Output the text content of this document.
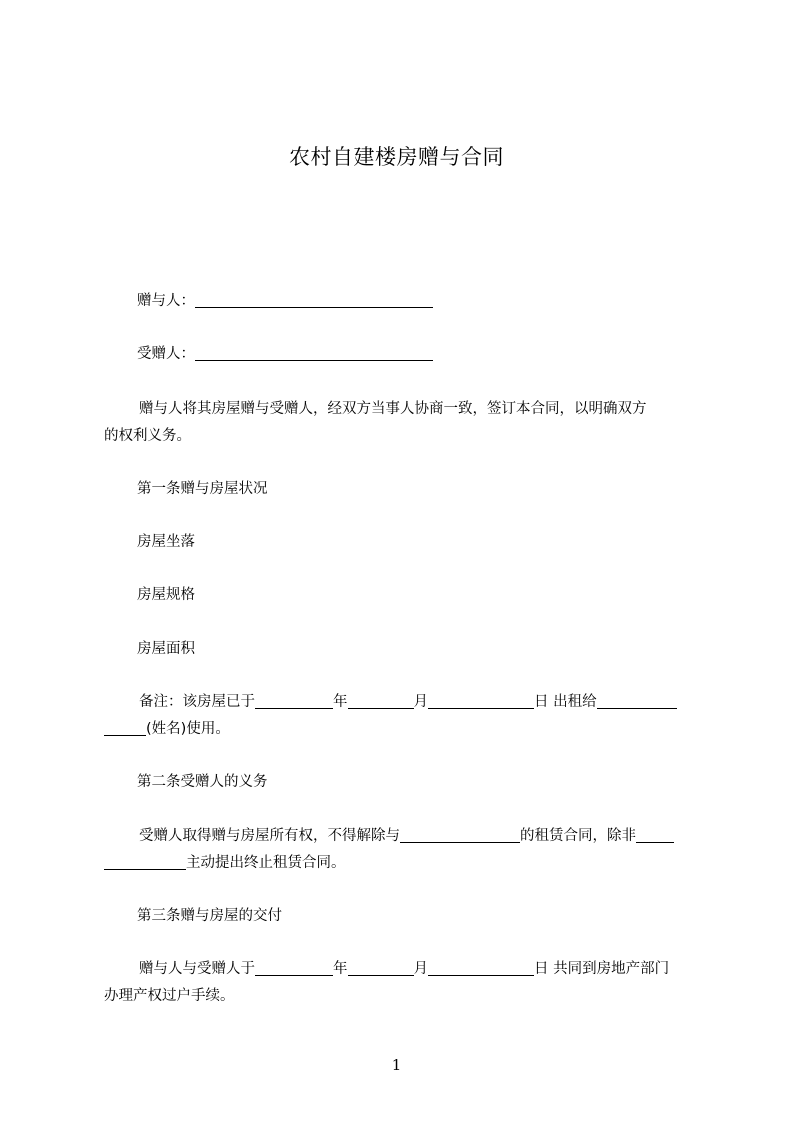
农村自建楼房赠与合同
赠与人：
受赠人：
赠与人将其房屋赠与受赠人，经双方当事人协商一致，签订本合同，以明确双方
的权利义务。
第一条赠与房屋状况
房屋坐落
房屋规格
房屋面积
备注：该房屋已于	年	月	日 出租给
(姓名)使用。
第二条受赠人的义务
受赠人取得赠与房屋所有权，不得解除与	的租赁合同，除非
主动提出终止租赁合同。
第三条赠与房屋的交付
赠与人与受赠人于	年	月	日 共同到房地产部门
办理产权过户手续。
1
